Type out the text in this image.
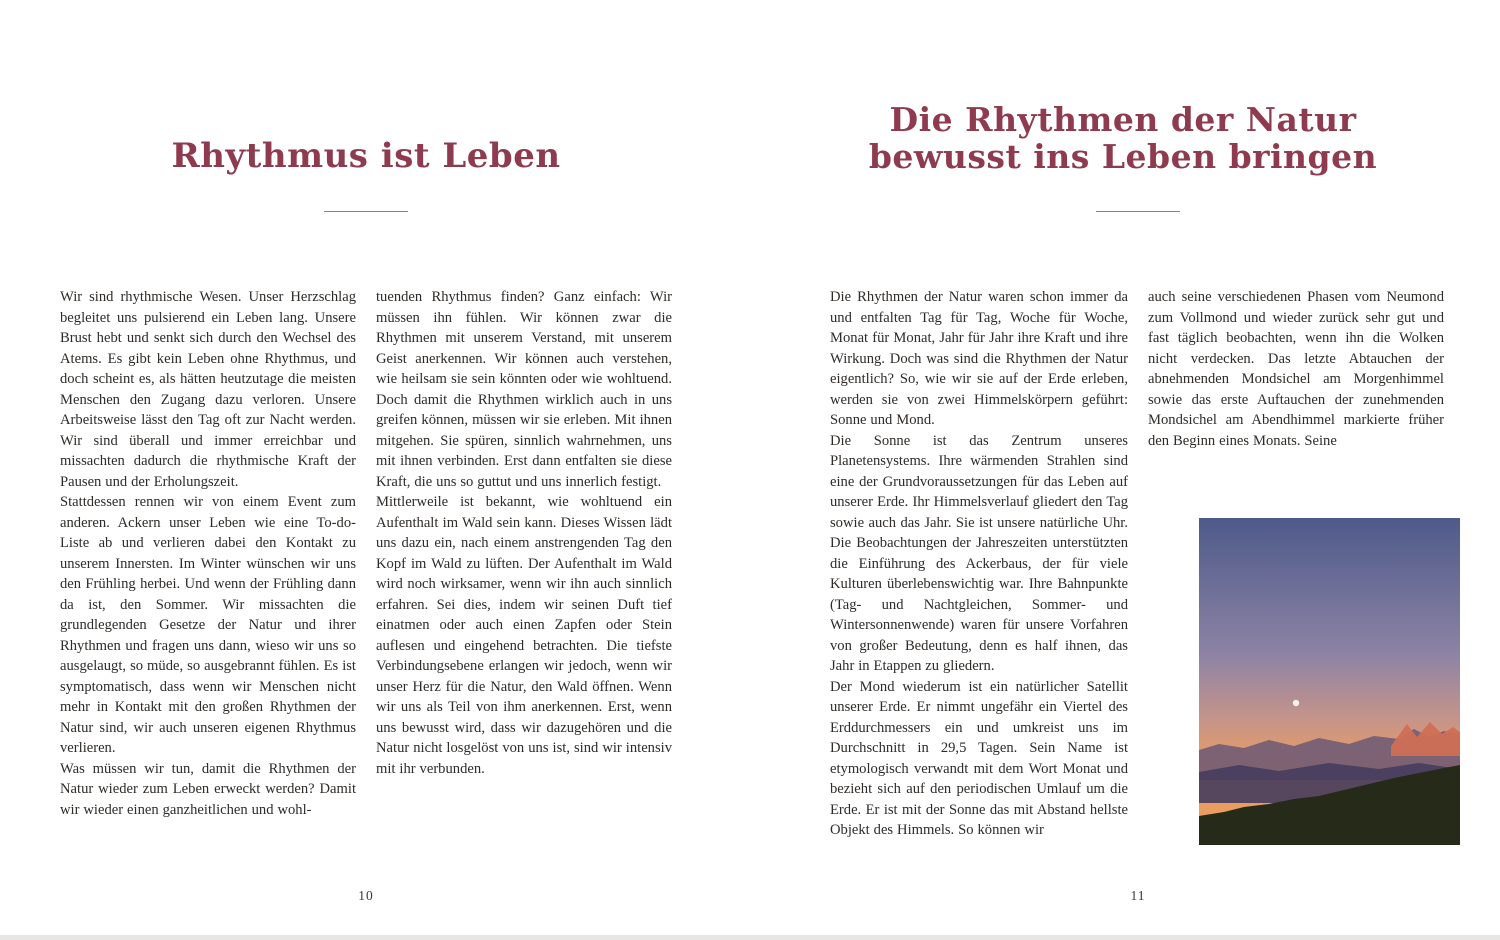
Rhythmus ist Leben

Wir sind rhythmische Wesen. Unser Herzschlag begleitet uns pulsierend ein Leben lang. Unsere Brust hebt und senkt sich durch den Wechsel des Atems. Es gibt kein Leben ohne Rhythmus, und doch scheint es, als hätten heutzutage die meisten Menschen den Zugang dazu verloren. Unsere Arbeitsweise lässt den Tag oft zur Nacht werden. Wir sind überall und immer erreichbar und missachten dadurch die rhythmische Kraft der Pausen und der Erholungszeit.

Stattdessen rennen wir von einem Event zum anderen. Ackern unser Leben wie eine To-do-Liste ab und verlieren dabei den Kontakt zu unserem Innersten. Im Winter wünschen wir uns den Frühling herbei. Und wenn der Frühling dann da ist, den Sommer. Wir missachten die grundlegenden Gesetze der Natur und ihrer Rhythmen und fragen uns dann, wieso wir uns so ausgelaugt, so müde, so ausgebrannt fühlen. Es ist symptomatisch, dass wenn wir Menschen nicht mehr in Kontakt mit den großen Rhythmen der Natur sind, wir auch unseren eigenen Rhythmus verlieren.

Was müssen wir tun, damit die Rhythmen der Natur wieder zum Leben erweckt werden? Damit wir wieder einen ganzheitlichen und wohl-

tuenden Rhythmus finden? Ganz einfach: Wir müssen ihn fühlen. Wir können zwar die Rhythmen mit unserem Verstand, mit unserem Geist anerkennen. Wir können auch verstehen, wie heilsam sie sein könnten oder wie wohltuend. Doch damit die Rhythmen wirklich auch in uns greifen können, müssen wir sie erleben. Mit ihnen mitgehen. Sie spüren, sinnlich wahrnehmen, uns mit ihnen verbinden. Erst dann entfalten sie diese Kraft, die uns so guttut und uns innerlich festigt.

Mittlerweile ist bekannt, wie wohltuend ein Aufenthalt im Wald sein kann. Dieses Wissen lädt uns dazu ein, nach einem anstrengenden Tag den Kopf im Wald zu lüften. Der Aufenthalt im Wald wird noch wirksamer, wenn wir ihn auch sinnlich erfahren. Sei dies, indem wir seinen Duft tief einatmen oder auch einen Zapfen oder Stein auflesen und eingehend betrachten. Die tiefste Verbindungsebene erlangen wir jedoch, wenn wir unser Herz für die Natur, den Wald öffnen. Wenn wir uns als Teil von ihm anerkennen. Erst, wenn uns bewusst wird, dass wir dazugehören und die Natur nicht losgelöst von uns ist, sind wir intensiv mit ihr verbunden.

10
Die Rhythmen der Natur
bewusst ins Leben bringen

Die Rhythmen der Natur waren schon immer da und entfalten Tag für Tag, Woche für Woche, Monat für Monat, Jahr für Jahr ihre Kraft und ihre Wirkung. Doch was sind die Rhythmen der Natur eigentlich? So, wie wir sie auf der Erde erleben, werden sie von zwei Himmelskörpern geführt: Sonne und Mond.

Die Sonne ist das Zentrum unseres Planetensystems. Ihre wärmenden Strahlen sind eine der Grundvoraussetzungen für das Leben auf unserer Erde. Ihr Himmelsverlauf gliedert den Tag sowie auch das Jahr. Sie ist unsere natürliche Uhr. Die Beobachtungen der Jahreszeiten unterstützten die Einführung des Ackerbaus, der für viele Kulturen überlebenswichtig war. Ihre Bahnpunkte (Tag- und Nachtgleichen, Sommer- und Wintersonnenwende) waren für unsere Vorfahren von großer Bedeutung, denn es half ihnen, das Jahr in Etappen zu gliedern.

Der Mond wiederum ist ein natürlicher Satellit unserer Erde. Er nimmt ungefähr ein Viertel des Erddurchmessers ein und umkreist uns im Durchschnitt in 29,5 Tagen. Sein Name ist etymologisch verwandt mit dem Wort Monat und bezieht sich auf den periodischen Umlauf um die Erde. Er ist mit der Sonne das mit Abstand hellste Objekt des Himmels. So können wir

auch seine verschiedenen Phasen vom Neumond zum Vollmond und wieder zurück sehr gut und fast täglich beobachten, wenn ihn die Wolken nicht verdecken. Das letzte Abtauchen der abnehmenden Mondsichel am Morgenhimmel sowie das erste Auftauchen der zunehmenden Mondsichel am Abendhimmel markierte früher den Beginn eines Monats. Seine

11
